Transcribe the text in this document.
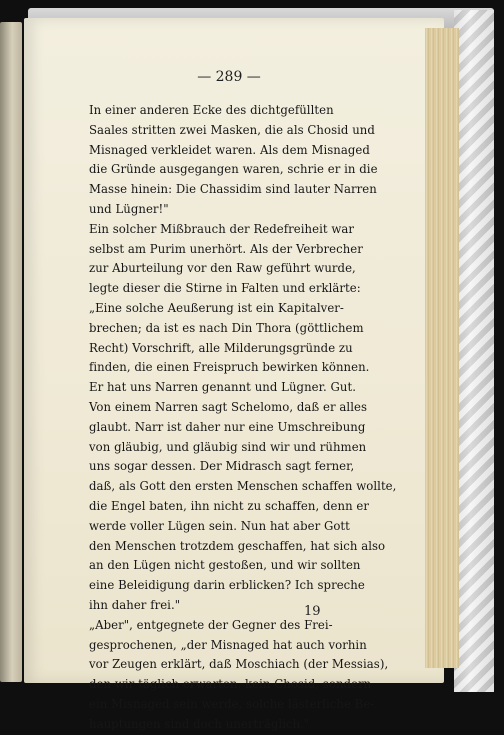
— 289 —
In einer anderen Ecke des dichtgefüllten
Saales stritten zwei Masken, die als Chosid und
Misnaged verkleidet waren. Als dem Misnaged
die Gründe ausgegangen waren, schrie er in die
Masse hinein: Die Chassidim sind lauter Narren
und Lügner!"
Ein solcher Mißbrauch der Redefreiheit war
selbst am Purim unerhört. Als der Verbrecher
zur Aburteilung vor den Raw geführt wurde,
legte dieser die Stirne in Falten und erklärte:
„Eine solche Aeußerung ist ein Kapitalver-
brechen; da ist es nach Din Thora (göttlichem
Recht) Vorschrift, alle Milderungsgründe zu
finden, die einen Freispruch bewirken können.
Er hat uns Narren genannt und Lügner. Gut.
Von einem Narren sagt Schelomo, daß er alles
glaubt. Narr ist daher nur eine Umschreibung
von gläubig, und gläubig sind wir und rühmen
uns sogar dessen. Der Midrasch sagt ferner,
daß, als Gott den ersten Menschen schaffen wollte,
die Engel baten, ihn nicht zu schaffen, denn er
werde voller Lügen sein. Nun hat aber Gott
den Menschen trotzdem geschaffen, hat sich also
an den Lügen nicht gestoßen, und wir sollten
eine Beleidigung darin erblicken? Ich spreche
ihn daher frei."
„Aber", entgegnete der Gegner des Frei-
gesprochenen, „der Misnaged hat auch vorhin
vor Zeugen erklärt, daß Moschiach (der Messias),
den wir täglich erwarten, kein Chosid, sondern
ein Misnaged sein werde, solche lästerliche Be-
hauptungen sind doch unerträglich."
19
